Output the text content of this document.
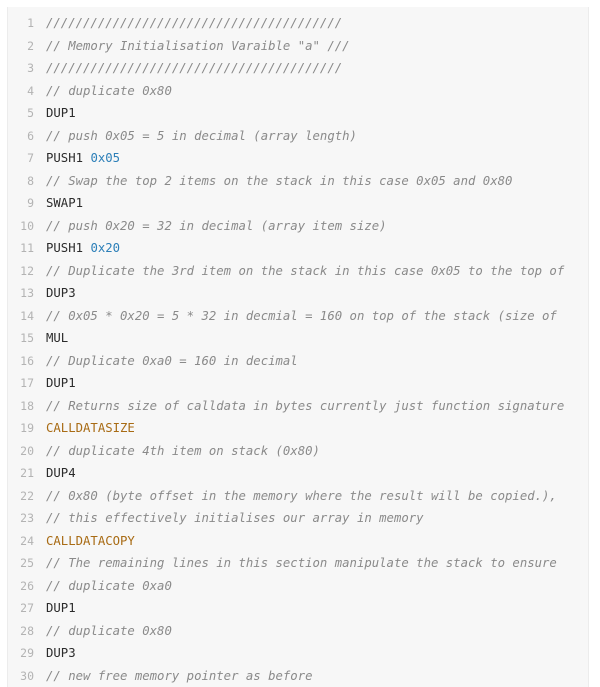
1 ////////////////////////////////////////
2 // Memory Initialisation Varaible "a" ///
3 ////////////////////////////////////////
4 // duplicate 0x80
5 DUP1
6 // push 0x05 = 5 in decimal (array length)
7 PUSH1 0x05
8 // Swap the top 2 items on the stack in this case 0x05 and 0x80
9 SWAP1
10 // push 0x20 = 32 in decimal (array item size)
11 PUSH1 0x20
12 // Duplicate the 3rd item on the stack in this case 0x05 to the top of
13 DUP3
14 // 0x05 * 0x20 = 5 * 32 in decmial = 160 on top of the stack (size of
15 MUL
16 // Duplicate 0xa0 = 160 in decimal
17 DUP1
18 // Returns size of calldata in bytes currently just function signature
19 CALLDATASIZE
20 // duplicate 4th item on stack (0x80)
21 DUP4
22 // 0x80 (byte offset in the memory where the result will be copied.),
23 // this effectively initialises our array in memory
24 CALLDATACOPY
25 // The remaining lines in this section manipulate the stack to ensure
26 // duplicate 0xa0
27 DUP1
28 // duplicate 0x80
29 DUP3
30 // new free memory pointer as before
